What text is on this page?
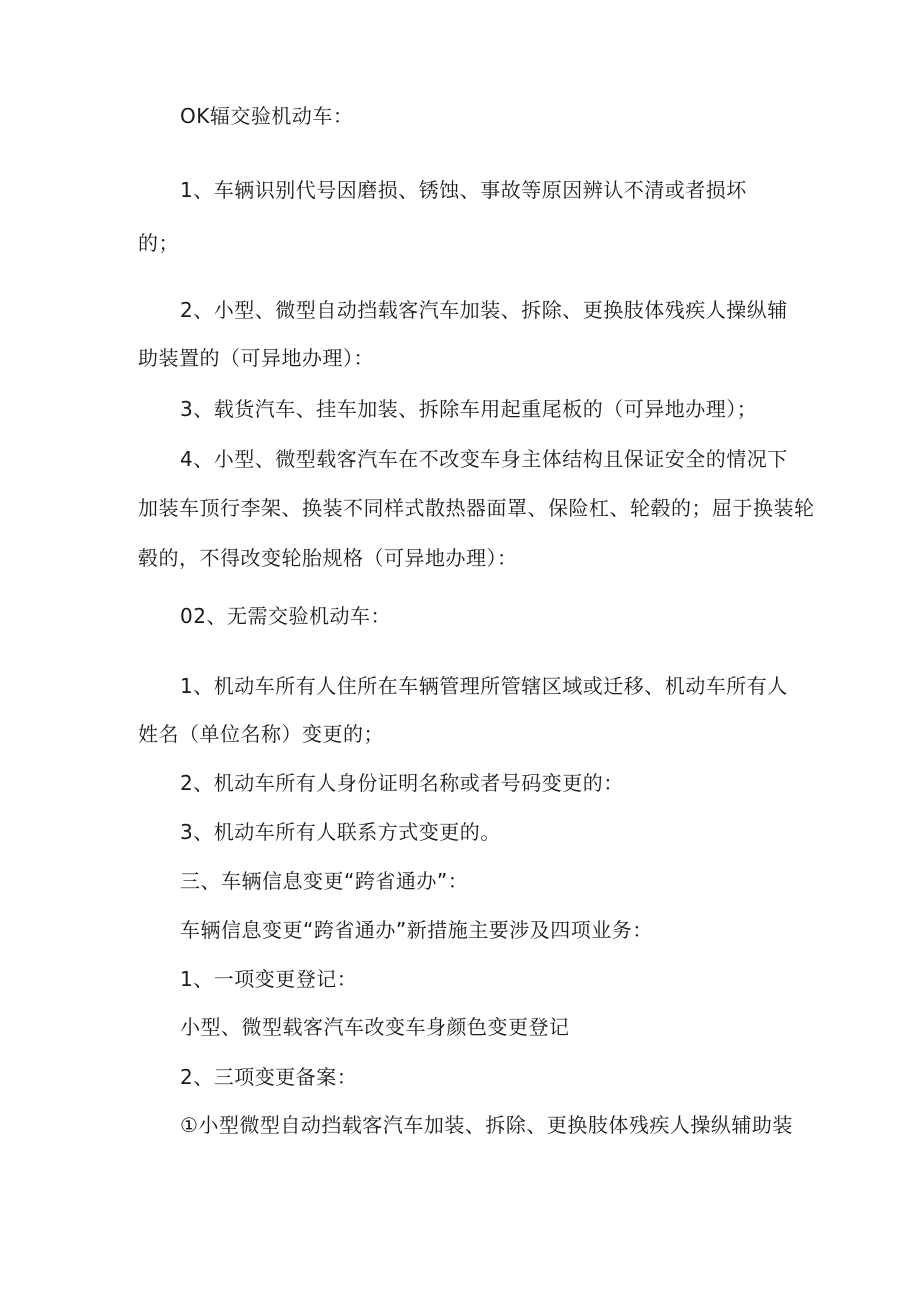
OK辐交验机动车：
1、车辆识别代号因磨损、锈蚀、事故等原因辨认不清或者损坏
的；
2、小型、微型自动挡载客汽车加装、拆除、更换肢体残疾人操纵辅
助装置的（可异地办理）：
3、载货汽车、挂车加装、拆除车用起重尾板的（可异地办理）；
4、小型、微型载客汽车在不改变车身主体结构且保证安全的情况下
加装车顶行李架、换装不同样式散热器面罩、保险杠、轮毂的；屈于换装轮
毂的，不得改变轮胎规格（可异地办理）：
02、无需交验机动车：
1、机动车所有人住所在车辆管理所管辖区域或迁移、机动车所有人
姓名（单位名称）变更的；
2、机动车所有人身份证明名称或者号码变更的：
3、机动车所有人联系方式变更的。
三、车辆信息变更“跨省通办”：
车辆信息变更“跨省通办”新措施主要涉及四项业务：
1、一项变更登记：
小型、微型载客汽车改变车身颜色变更登记
2、三项变更备案：
①小型微型自动挡载客汽车加装、拆除、更换肢体残疾人操纵辅助装
